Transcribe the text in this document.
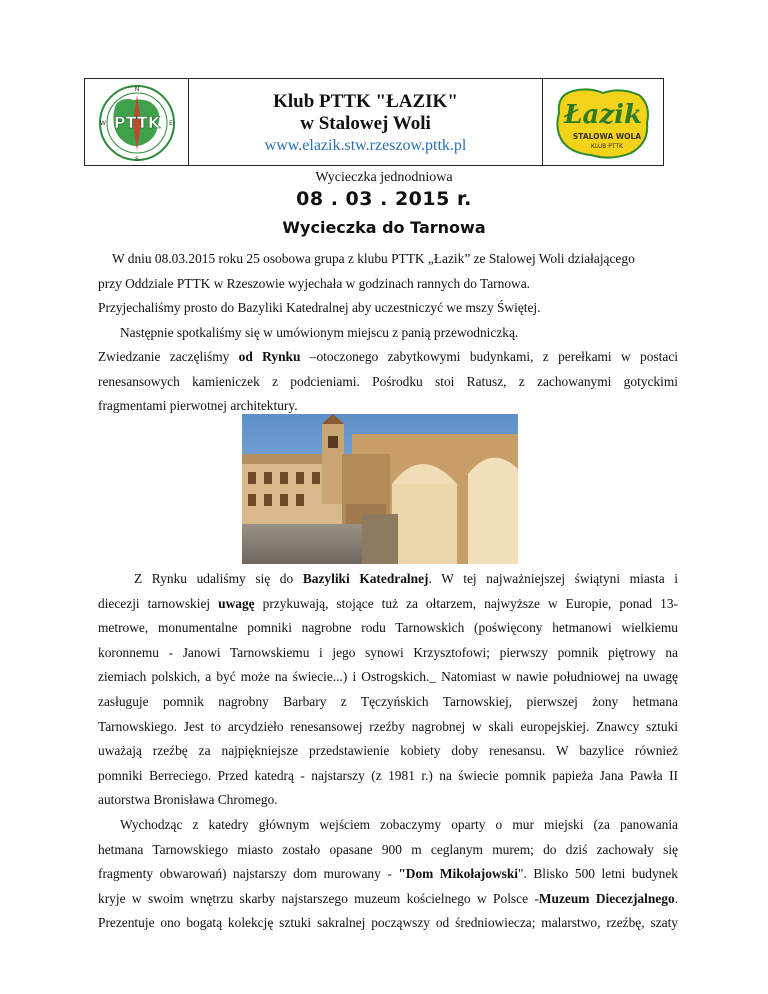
N
S
W	E
PTTK
Klub PTTK "ŁAZIK"
w Stalowej Woli
www.elazik.stw.rzeszow.pttk.pl
Łazik
STALOWA WOLA
KLUB PTTK
Wycieczka jednodniowa
08 . 03 . 2015 r.
Wycieczka do Tarnowa
W dniu 08.03.2015 roku 25 osobowa grupa z klubu PTTK „Łazik” ze Stalowej Woli działającego
przy Oddziale PTTK w Rzeszowie wyjechała w godzinach rannych do Tarnowa.
Przyjechaliśmy prosto do Bazyliki Katedralnej aby uczestniczyć we mszy Świętej.
Następnie spotkaliśmy się w umówionym miejscu z panią przewodniczką.
Zwiedzanie zaczęliśmy od Rynku –otoczonego zabytkowymi budynkami, z perełkami w postaci
renesansowych kamieniczek z podcieniami. Pośrodku stoi Ratusz, z zachowanymi gotyckimi
fragmentami pierwotnej architektury.
Z Rynku udaliśmy się do Bazyliki Katedralnej. W tej najważniejszej świątyni miasta i
diecezji tarnowskiej uwagę przykuwają, stojące tuż za ołtarzem, najwyższe w Europie, ponad 13-
metrowe, monumentalne pomniki nagrobne rodu Tarnowskich (poświęcony hetmanowi wielkiemu
koronnemu - Janowi Tarnowskiemu i jego synowi Krzysztofowi; pierwszy pomnik piętrowy na
ziemiach polskich, a być może na świecie...) i Ostrogskich._ Natomiast w nawie południowej na uwagę
zasługuje pomnik nagrobny Barbary z Tęczyńskich Tarnowskiej, pierwszej żony hetmana
Tarnowskiego. Jest to arcydzieło renesansowej rzeźby nagrobnej w skali europejskiej. Znawcy sztuki
uważają rzeźbę za najpiękniejsze przedstawienie kobiety doby renesansu. W bazylice również
pomniki Berreciego. Przed katedrą - najstarszy (z 1981 r.) na świecie pomnik papieża Jana Pawła II
autorstwa Bronisława Chromego.
Wychodząc z katedry głównym wejściem zobaczymy oparty o mur miejski (za panowania
hetmana Tarnowskiego miasto zostało opasane 900 m ceglanym murem; do dziś zachowały się
fragmenty obwarowań) najstarszy dom murowany - "Dom Mikołajowski". Blisko 500 letni budynek
kryje w swoim wnętrzu skarby najstarszego muzeum kościelnego w Polsce -Muzeum Diecezjalnego.
Prezentuje ono bogatą kolekcję sztuki sakralnej począwszy od średniowiecza; malarstwo, rzeźbę, szaty
